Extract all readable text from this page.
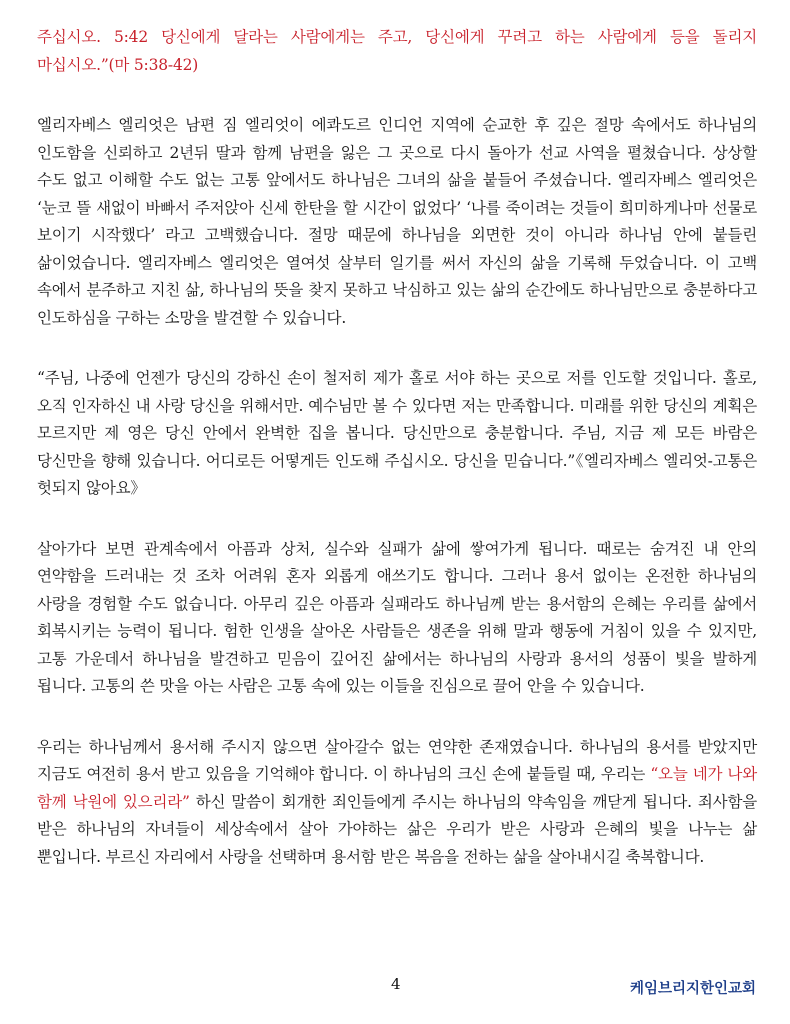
주십시오. 5:42 당신에게 달라는 사람에게는 주고, 당신에게 꾸려고 하는 사람에게 등을 돌리지 마십시오.”(마 5:38-42)

엘리자베스 엘리엇은 남편 짐 엘리엇이 에콰도르 인디언 지역에 순교한 후 깊은 절망 속에서도 하나님의 인도함을 신뢰하고 2년뒤 딸과 함께 남편을 잃은 그 곳으로 다시 돌아가 선교 사역을 펼쳤습니다. 상상할 수도 없고 이해할 수도 없는 고통 앞에서도 하나님은 그녀의 삶을 붙들어 주셨습니다. 엘리자베스 엘리엇은 ‘눈코 뜰 새없이 바빠서 주저앉아 신세 한탄을 할 시간이 없었다’ ‘나를 죽이려는 것들이 희미하게나마 선물로 보이기 시작했다’ 라고 고백했습니다. 절망 때문에 하나님을 외면한 것이 아니라 하나님 안에 붙들린 삶이었습니다. 엘리자베스 엘리엇은 열여섯 살부터 일기를 써서 자신의 삶을 기록해 두었습니다. 이 고백 속에서 분주하고 지친 삶, 하나님의 뜻을 찾지 못하고 낙심하고 있는 삶의 순간에도 하나님만으로 충분하다고 인도하심을 구하는 소망을 발견할 수 있습니다.

“주님, 나중에 언젠가 당신의 강하신 손이 철저히 제가 홀로 서야 하는 곳으로 저를 인도할 것입니다. 홀로, 오직 인자하신 내 사랑 당신을 위해서만. 예수님만 볼 수 있다면 저는 만족합니다. 미래를 위한 당신의 계획은 모르지만 제 영은 당신 안에서 완벽한 집을 봅니다. 당신만으로 충분합니다. 주님, 지금 제 모든 바람은 당신만을 향해 있습니다. 어디로든 어떻게든 인도해 주십시오. 당신을 믿습니다.”《엘리자베스 엘리엇-고통은 헛되지 않아요》

살아가다 보면 관계속에서 아픔과 상처, 실수와 실패가 삶에 쌓여가게 됩니다. 때로는 숨겨진 내 안의 연약함을 드러내는 것 조차 어려워 혼자 외롭게 애쓰기도 합니다. 그러나 용서 없이는 온전한 하나님의 사랑을 경험할 수도 없습니다. 아무리 깊은 아픔과 실패라도 하나님께 받는 용서함의 은혜는 우리를 삶에서 회복시키는 능력이 됩니다. 험한 인생을 살아온 사람들은 생존을 위해 말과 행동에 거침이 있을 수 있지만, 고통 가운데서 하나님을 발견하고 믿음이 깊어진 삶에서는 하나님의 사랑과 용서의 성품이 빛을 발하게 됩니다. 고통의 쓴 맛을 아는 사람은 고통 속에 있는 이들을 진심으로 끌어 안을 수 있습니다.

우리는 하나님께서 용서해 주시지 않으면 살아갈수 없는 연약한 존재였습니다. 하나님의 용서를 받았지만 지금도 여전히 용서 받고 있음을 기억해야 합니다. 이 하나님의 크신 손에 붙들릴 때, 우리는 “오늘 네가 나와 함께 낙원에 있으리라” 하신 말씀이 회개한 죄인들에게 주시는 하나님의 약속임을 깨닫게 됩니다. 죄사함을 받은 하나님의 자녀들이 세상속에서 살아 가야하는 삶은 우리가 받은 사랑과 은혜의 빛을 나누는 삶 뿐입니다. 부르신 자리에서 사랑을 선택하며 용서함 받은 복음을 전하는 삶을 살아내시길 축복합니다.

4	케임브리지한인교회
